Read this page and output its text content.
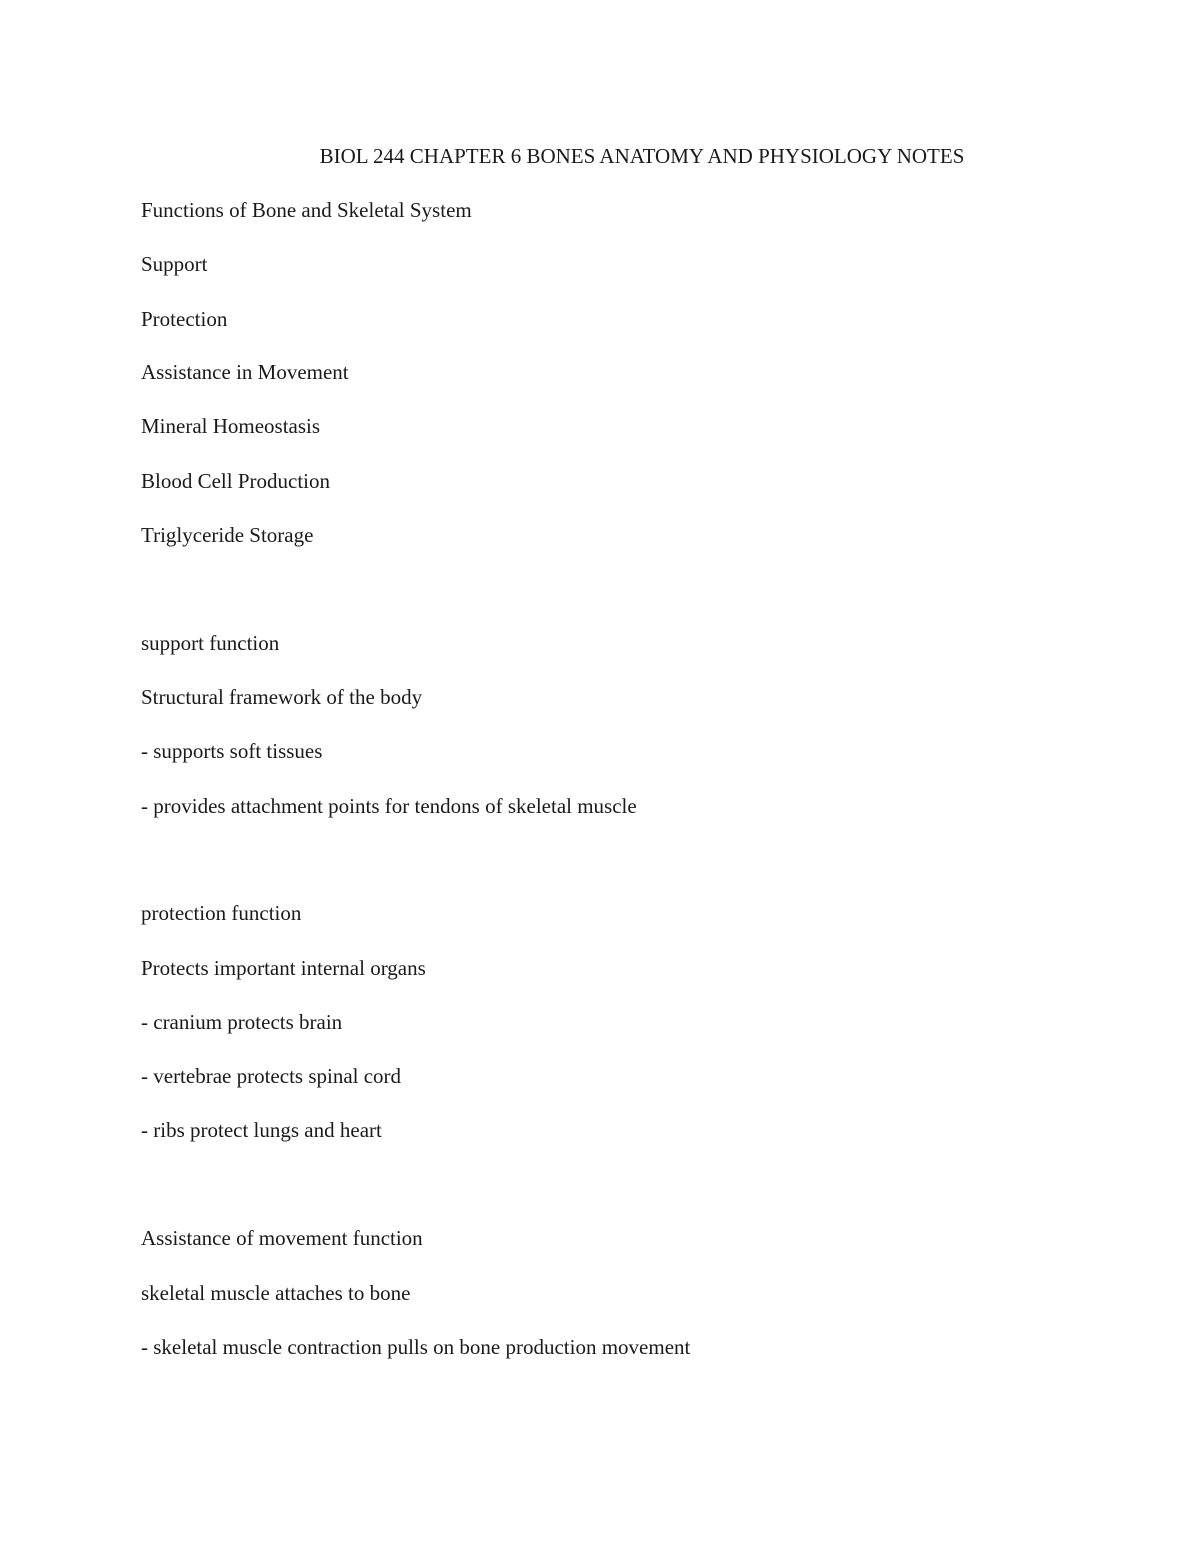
BIOL 244 CHAPTER 6 BONES ANATOMY AND PHYSIOLOGY NOTES
Functions of Bone and Skeletal System
Support
Protection
Assistance in Movement
Mineral Homeostasis
Blood Cell Production
Triglyceride Storage
support function
Structural framework of the body
- supports soft tissues
- provides attachment points for tendons of skeletal muscle
protection function
Protects important internal organs
- cranium protects brain
- vertebrae protects spinal cord
- ribs protect lungs and heart
Assistance of movement function
skeletal muscle attaches to bone
- skeletal muscle contraction pulls on bone production movement
